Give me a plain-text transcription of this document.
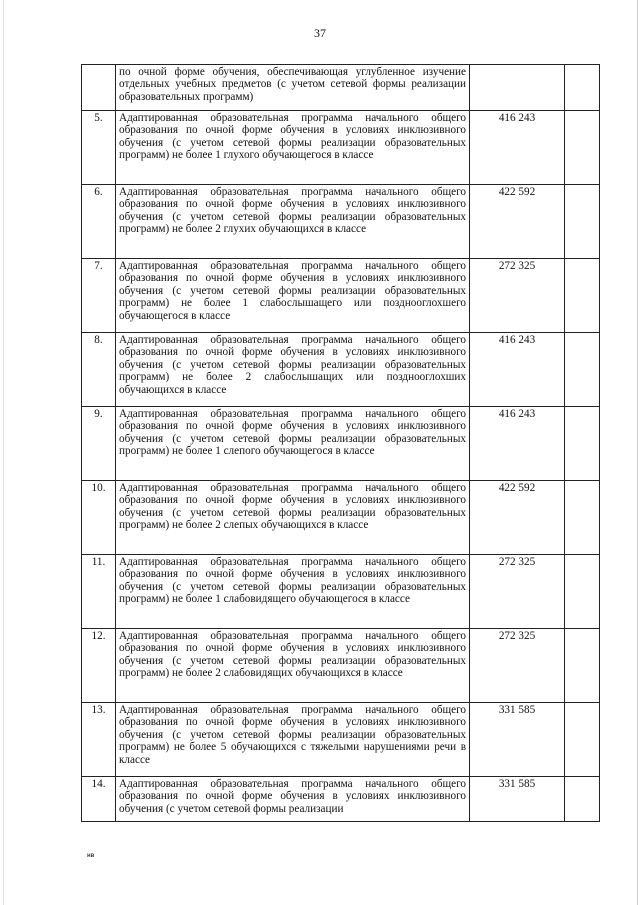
37
	по очной форме обучения, обеспечивающая углубленное изучение отдельных учебных предметов (с учетом сетевой формы реализации образовательных программ)		
5.	Адаптированная образовательная программа начального общего образования по очной форме обучения в условиях инклюзивного обучения (с учетом сетевой формы реализации образовательных программ) не более 1 глухого обучающегося в классе	416 243	
6.	Адаптированная образовательная программа начального общего образования по очной форме обучения в условиях инклюзивного обучения (с учетом сетевой формы реализации образовательных программ) не более 2 глухих обучающихся в классе	422 592	
7.	Адаптированная образовательная программа начального общего образования по очной форме обучения в условиях инклюзивного обучения (с учетом сетевой формы реализации образовательных программ) не более 1 слабослышащего или позднооглохшего обучающегося в классе	272 325	
8.	Адаптированная образовательная программа начального общего образования по очной форме обучения в условиях инклюзивного обучения (с учетом сетевой формы реализации образовательных программ) не более 2 слабослышащих или позднооглохших обучающихся в классе	416 243	
9.	Адаптированная образовательная программа начального общего образования по очной форме обучения в условиях инклюзивного обучения (с учетом сетевой формы реализации образовательных программ) не более 1 слепого обучающегося в классе	416 243	
10.	Адаптированная образовательная программа начального общего образования по очной форме обучения в условиях инклюзивного обучения (с учетом сетевой формы реализации образовательных программ) не более 2 слепых обучающихся в классе	422 592	
11.	Адаптированная образовательная программа начального общего образования по очной форме обучения в условиях инклюзивного обучения (с учетом сетевой формы реализации образовательных программ) не более 1 слабовидящего обучающегося в классе	272 325	
12.	Адаптированная образовательная программа начального общего образования по очной форме обучения в условиях инклюзивного обучения (с учетом сетевой формы реализации образовательных программ) не более 2 слабовидящих обучающихся в классе	272 325	
13.	Адаптированная образовательная программа начального общего образования по очной форме обучения в условиях инклюзивного обучения (с учетом сетевой формы реализации образовательных программ) не более 5 обучающихся с тяжелыми нарушениями речи в классе	331 585	
14.	Адаптированная образовательная программа начального общего образования по очной форме обучения в условиях инклюзивного обучения (с учетом сетевой формы реализации	331 585	
нв
